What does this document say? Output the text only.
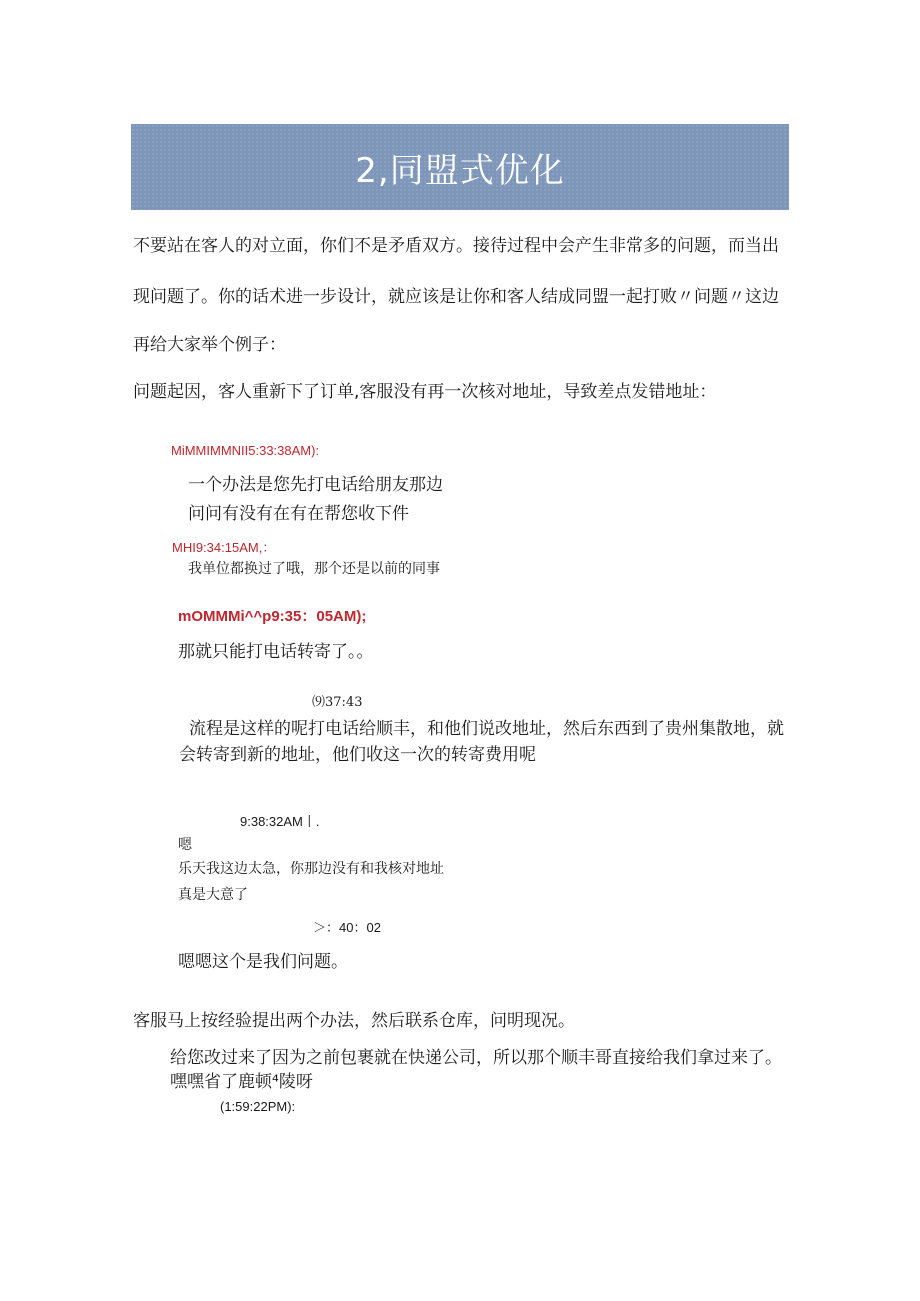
2,同盟式优化
不要站在客人的对立面，你们不是矛盾双方。接待过程中会产生非常多的问题，而当出
现问题了。你的话术进一步设计，就应该是让你和客人结成同盟一起打败〃问题〃这边
再给大家举个例子：
问题起因，客人重新下了订单,客服没有再一次核对地址，导致差点发错地址：
MiMMIMMNII5:33:38AM):
一个办法是您先打电话给朋友那边
问问有没有在有在帮您收下件
MHI9:34:15AM,：
我单位都换过了哦，那个还是以前的同事
mOMMMi^^p9:35：05AM);
那就只能打电话转寄了。。
⑼37:43
流程是这样的呢打电话给顺丰，和他们说改地址，然后东西到了贵州集散地，就
会转寄到新的地址，他们收这一次的转寄费用呢
9:38:32AM丨.
嗯
乐天我这边太急，你那边没有和我核对地址
真是大意了
＞：40：02
嗯嗯这个是我们问题。
客服马上按经验提出两个办法，然后联系仓库，问明现况。
给您改过来了因为之前包裹就在快递公司，所以那个顺丰哥直接给我们拿过来了。
嘿嘿省了鹿顿⁴陵呀
(1:59:22PM):
